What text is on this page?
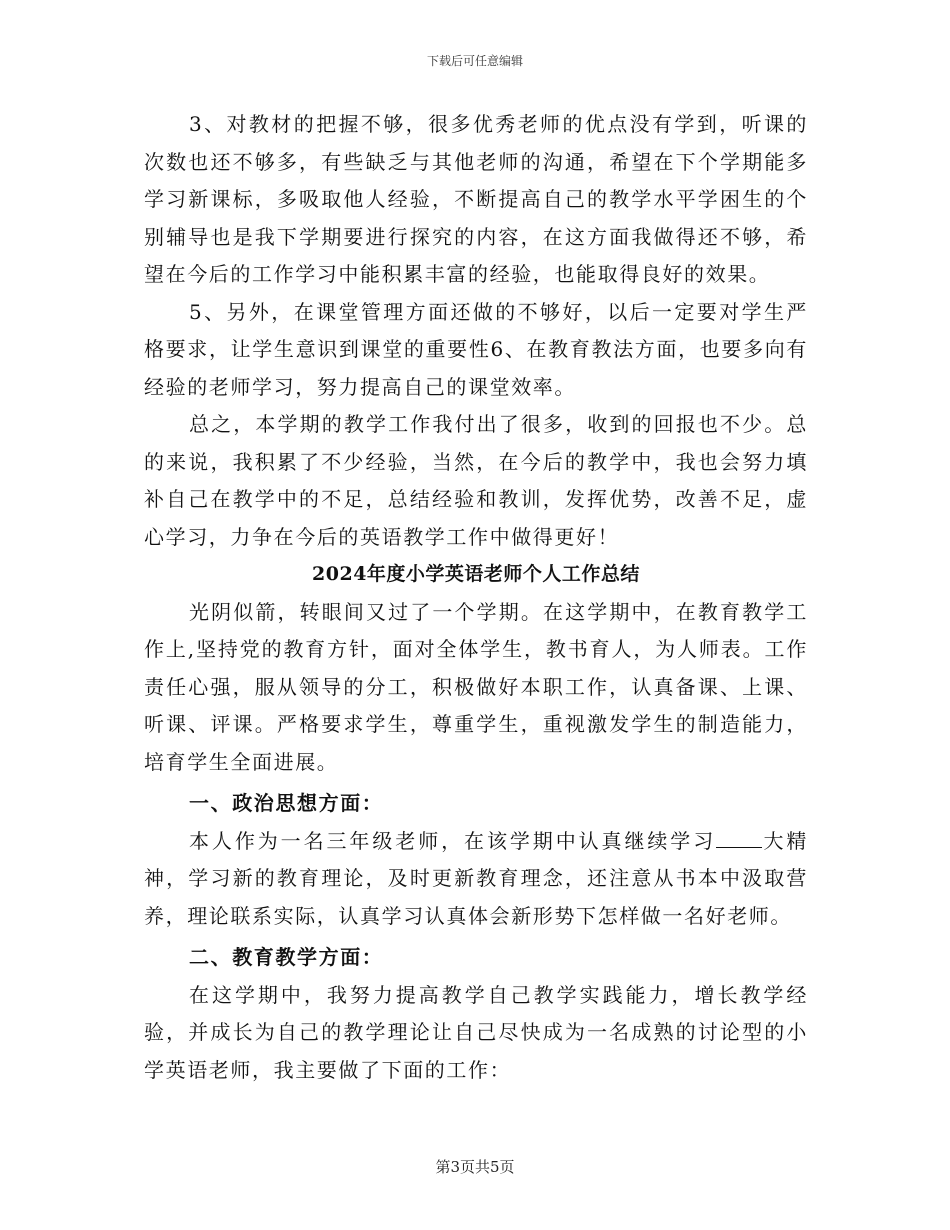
下载后可任意编辑

3、对教材的把握不够，很多优秀老师的优点没有学到，听课的次数也还不够多，有些缺乏与其他老师的沟通，希望在下个学期能多学习新课标，多吸取他人经验，不断提高自己的教学水平学困生的个别辅导也是我下学期要进行探究的内容，在这方面我做得还不够，希望在今后的工作学习中能积累丰富的经验，也能取得良好的效果。

5、另外，在课堂管理方面还做的不够好，以后一定要对学生严格要求，让学生意识到课堂的重要性6、在教育教法方面，也要多向有经验的老师学习，努力提高自己的课堂效率。

总之，本学期的教学工作我付出了很多，收到的回报也不少。总的来说，我积累了不少经验，当然，在今后的教学中，我也会努力填补自己在教学中的不足，总结经验和教训，发挥优势，改善不足，虚心学习，力争在今后的英语教学工作中做得更好！

2024年度小学英语老师个人工作总结

光阴似箭，转眼间又过了一个学期。在这学期中，在教育教学工作上,坚持党的教育方针，面对全体学生，教书育人，为人师表。工作责任心强，服从领导的分工，积极做好本职工作，认真备课、上课、听课、评课。严格要求学生，尊重学生，重视激发学生的制造能力，培育学生全面进展。

一、政治思想方面：

本人作为一名三年级老师，在该学期中认真继续学习 大精神，学习新的教育理论，及时更新教育理念，还注意从书本中汲取营养，理论联系实际，认真学习认真体会新形势下怎样做一名好老师。

二、教育教学方面：

在这学期中，我努力提高教学自己教学实践能力，增长教学经验，并成长为自己的教学理论让自己尽快成为一名成熟的讨论型的小学英语老师，我主要做了下面的工作：

第3页共5页
